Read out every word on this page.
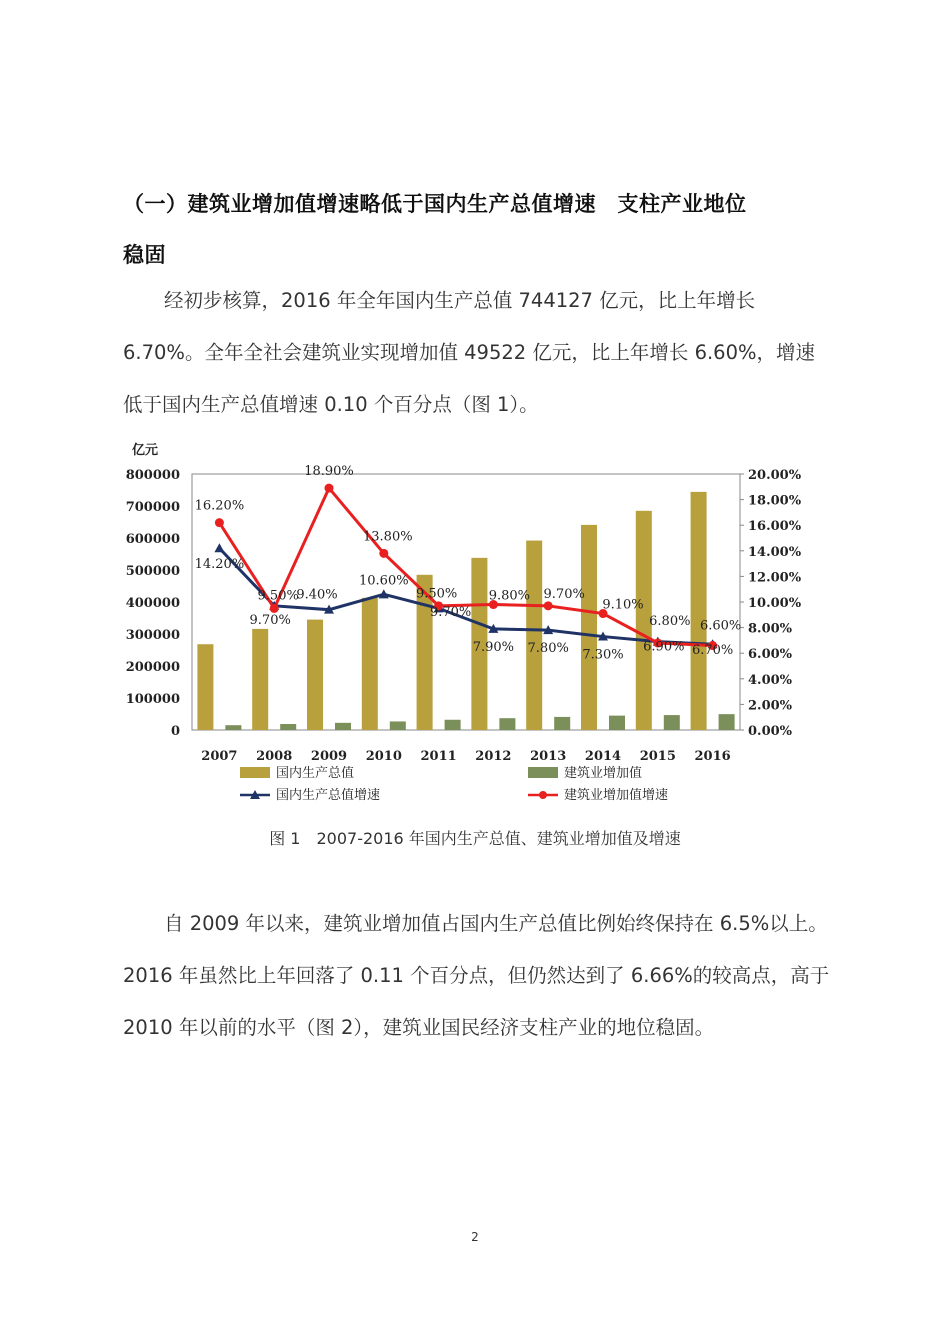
（一）建筑业增加值增速略低于国内生产总值增速　支柱产业地位
稳固

经初步核算，2016 年全年国内生产总值 744127 亿元，比上年增长 6.70%。全年全社会建筑业实现增加值 49522 亿元，比上年增长 6.60%，增速低于国内生产总值增速 0.10 个百分点（图 1）。

亿元
800000
700000
600000
500000
400000
300000
200000
100000
0
20.00%
18.00%
16.00%
14.00%
12.00%
10.00%
8.00%
6.00%
4.00%
2.00%
0.00%
2007 2008 2009 2010 2011 2012 2013 2014 2015 2016
14.20%
9.70%
9.40%
10.60%
9.50%
7.90% 7.80% 7.30%
6.90% 6.70%
16.20%
9.50%
18.90%
13.80%
9.70%
9.80% 9.70%
9.10%
6.80% 6.60%
国内生产总值	建筑业增加值
国内生产总值增速	建筑业增加值增速
图 1　2007-2016 年国内生产总值、建筑业增加值及增速

自 2009 年以来，建筑业增加值占国内生产总值比例始终保持在 6.5%以上。2016 年虽然比上年回落了 0.11 个百分点，但仍然达到了 6.66%的较高点，高于 2010 年以前的水平（图 2），建筑业国民经济支柱产业的地位稳固。

2
